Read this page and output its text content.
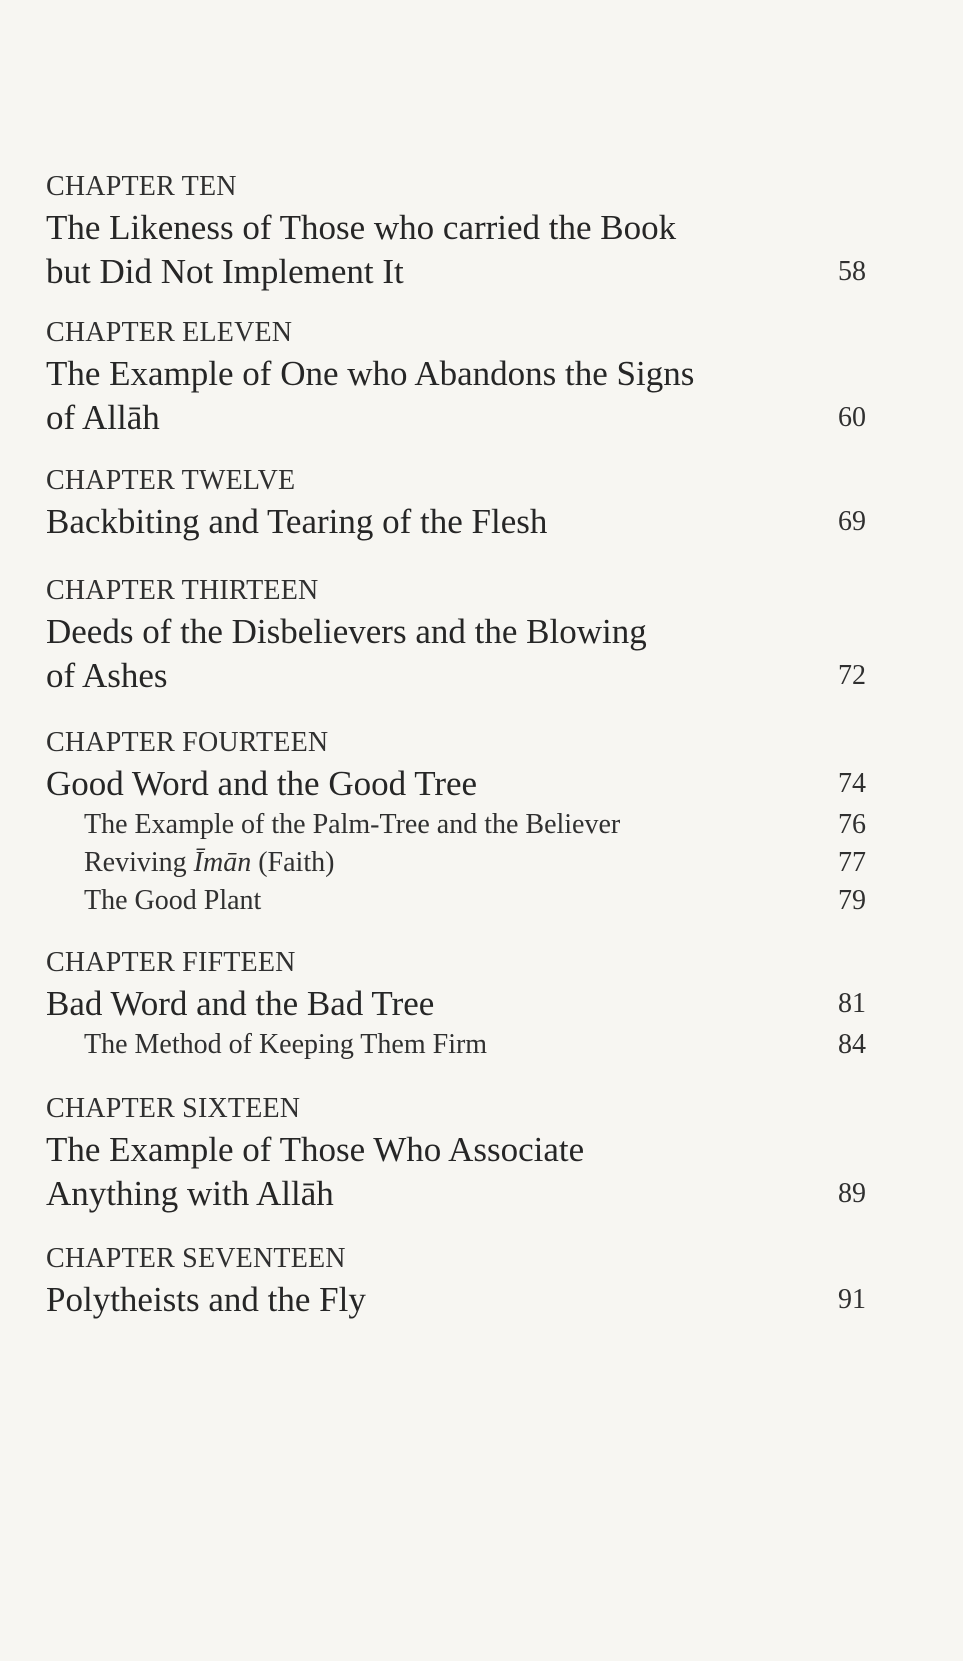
CHAPTER TEN
The Likeness of Those who carried the Book
but Did Not Implement It	58
CHAPTER ELEVEN
The Example of One who Abandons the Signs
of Allāh	60
CHAPTER TWELVE
Backbiting and Tearing of the Flesh	69
CHAPTER THIRTEEN
Deeds of the Disbelievers and the Blowing
of Ashes	72
CHAPTER FOURTEEN
Good Word and the Good Tree	74
The Example of the Palm-Tree and the Believer	76
Reviving Īmān (Faith)	77
The Good Plant	79
CHAPTER FIFTEEN
Bad Word and the Bad Tree	81
The Method of Keeping Them Firm	84
CHAPTER SIXTEEN
The Example of Those Who Associate
Anything with Allāh	89
CHAPTER SEVENTEEN
Polytheists and the Fly	91
